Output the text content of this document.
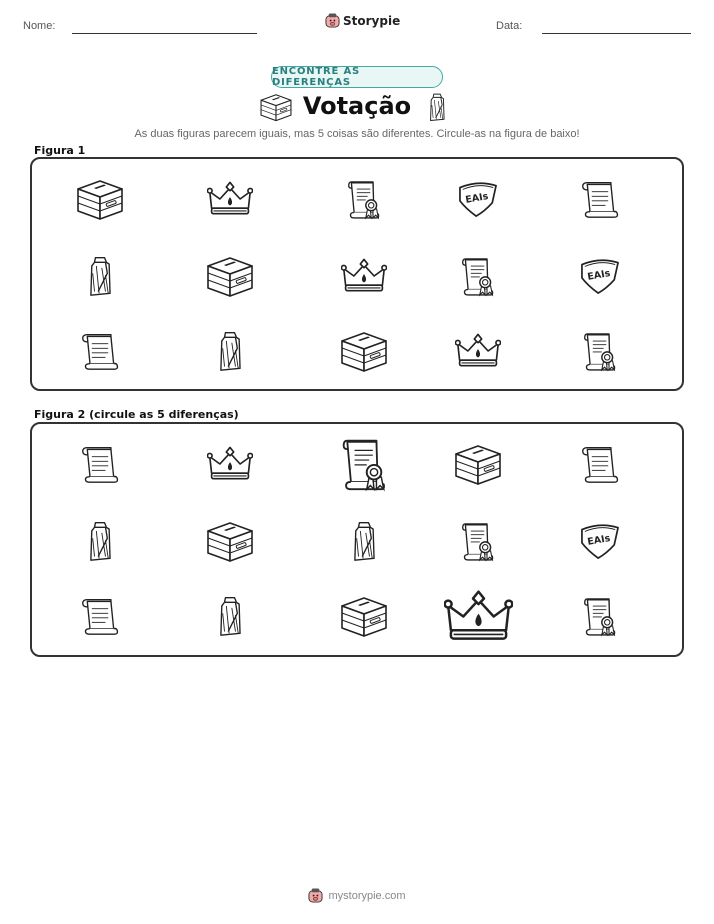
Nome:	Storypie	Data:
ENCONTRE AS DIFERENÇAS
Votação
As duas figuras parecem iguais, mas 5 coisas são diferentes. Circule-as na figura de baixo!
Figura 1
EAIs
EAIs
Figura 2 (circule as 5 diferenças)
EAIs
mystorypie.com
